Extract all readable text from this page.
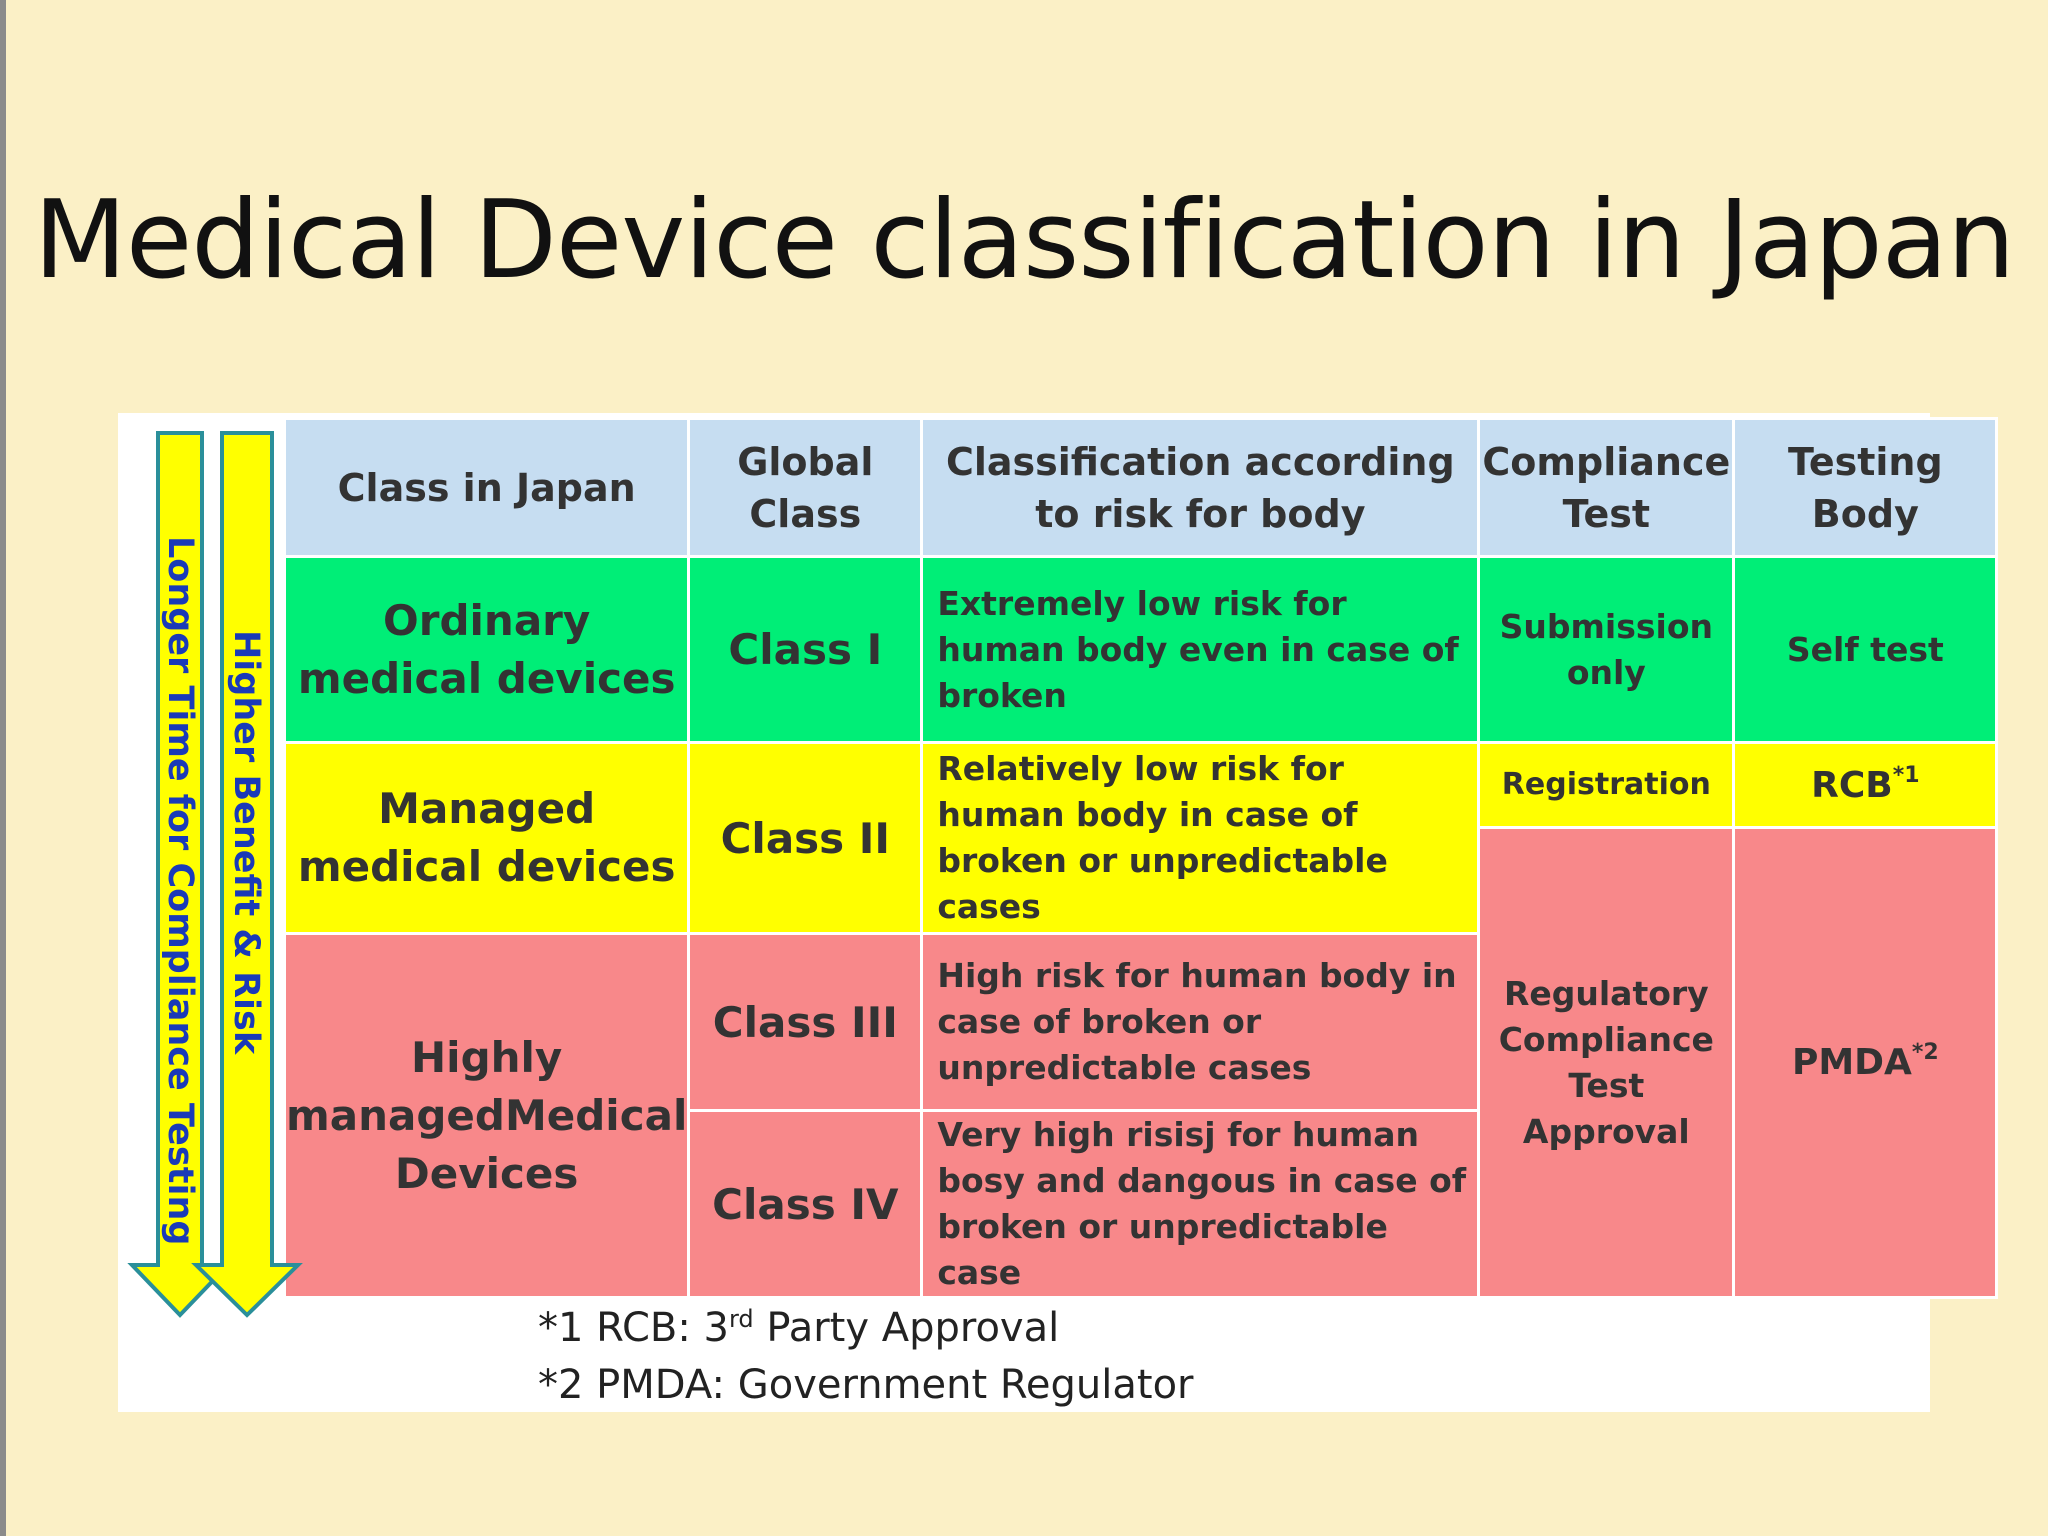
Medical Device classification in Japan
Class in Japan	Global Class	Classification according to risk for body	Compliance Test	Testing Body
Ordinary medical devices	Class I	Extremely low risk for human body even in case of broken	Submission only	Self test
Managed medical devices	Class II	Relatively low risk for human body in case of broken or unpredictable cases	Registration	RCB$^{*1}$
			Regulatory Compliance Test Approval	PMDA$^{*2}$
Highly managedMedical Devices	Class III	High risk for human body in case of broken or unpredictable cases		
	Class IV	Very high risisj for human bosy and dangous in case of broken or unpredictable case		
Longer Time for Compliance Testing Higher Benefit & Risk
*1 RCB: 3rd Party Approval
*2 PMDA: Government Regulator
